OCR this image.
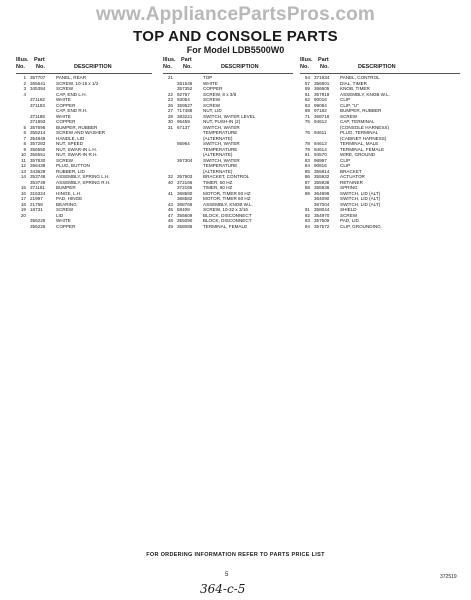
www.AppliancePartsPros.com
TOP AND CONSOLE PARTS
For Model LDB5500W0
Illus. Part
No. No.	DESCRIPTION
1 357707 PANEL, REAR
2 365641 SCREW, 10-16 x 1/2
3 345384 SCREW
4	CAP, END L.H.
371182 WHITE
371183 COPPER
CAP, END R.H.
371188 WHITE
371993 COPPER
5 357696 BUMPER, RUBBER
6 355214 SCREW AND WASHER
7 354849 HANDLE, LID
8 357283 NUT, SPEED
9 356550 NUT, SWAR-IN L.H.
10 356551 NUT, SWAR-IN R.H.
11 357830 SCREW
12 356438 PLUG, BUTTON
13 343628 RUBBER, LID
14 353748 ASSEMBLY, SPRING L.H.
353749 ASSEMBLY, SPRING R.H.
15 371181 BUMPER
16 316324 HINGE, L.H.
17 21997	PAD, HINGE
18 21758	BEARING
19 18731	SCREW
20	LID
356225 WHITE
356226 COPPER
Illus. Part
No. No.	DESCRIPTION
21	TOP
361546 WHITE
357352 COPPER
22 92767	SCREW, 8 x 3/8
23 93054	SCREW
26 359527 SCREW
27 717488 NUT, LID
29 383221 SWITCH, WATER LEVEL
30 96459	NUT, PUSH-IN (2)
31 67137	SWITCH, WATER
TEMPERATURE
(ALTERNATE)
95964	SWITCH, WATER
TEMPERATURE
(ALTERNATE)
367304 SWITCH, WATER
TEMPERATURE
(ALTERNATE)
32 357903 BRACKET, CONTROL
40 372166 TIMER, 50 HZ
372165 TIMER, 60 HZ
41 368580 MOTOR, TIMER 50 HZ
368582 MOTOR, TIMER 60 HZ
43 368766 ASSEMBLY, KNOB W.L.
45 58408	SCREW, 10-32 x 3/16
47 355609 BLOCK, DISCONNECT
48 355090 BLOCK, DISCONNECT
49 358086 TERMINAL, FEMALE
Illus. Part
No. No.	DESCRIPTION
54 371934 PANEL, CONTROL
57 356601 DIAL, TIMER
59 366605 KNOB, TIMER
61 367919 ASSEMBLY, KNOB W.L.
62 90016	CLIP
63 99084	CLIP, "U"
69 97182	BUMPER, RUBBER
71 368716 SCREW
75 94612	CAP, TERMINAL
(CONSOLE HARNESS)
76 94611	PLUG, TERMINAL
(CABINET HARNESS)
78 94613	TERMINAL, MALE
79 94614	TERMINAL, FEMALE
81 94570	WIRE, GROUND
83 98997	CLIP
84 90816	CLIP
85 355814 BRACKET
86 355932 ACTUATOR
87 355938 RETAINER
88 355936 SPRING
89 364899 SWITCH, LID (ALT)
364090 SWITCH, LID (ALT)
367004 SWITCH, LID (ALT)
91 358044 SHIELD
92 354970 SCREW
93 357609 PAD, LID
94 357572 CLIP, GROUNDING
FOR ORDERING INFORMATION REFER TO PARTS PRICE LIST
5	372519
364-c-5
